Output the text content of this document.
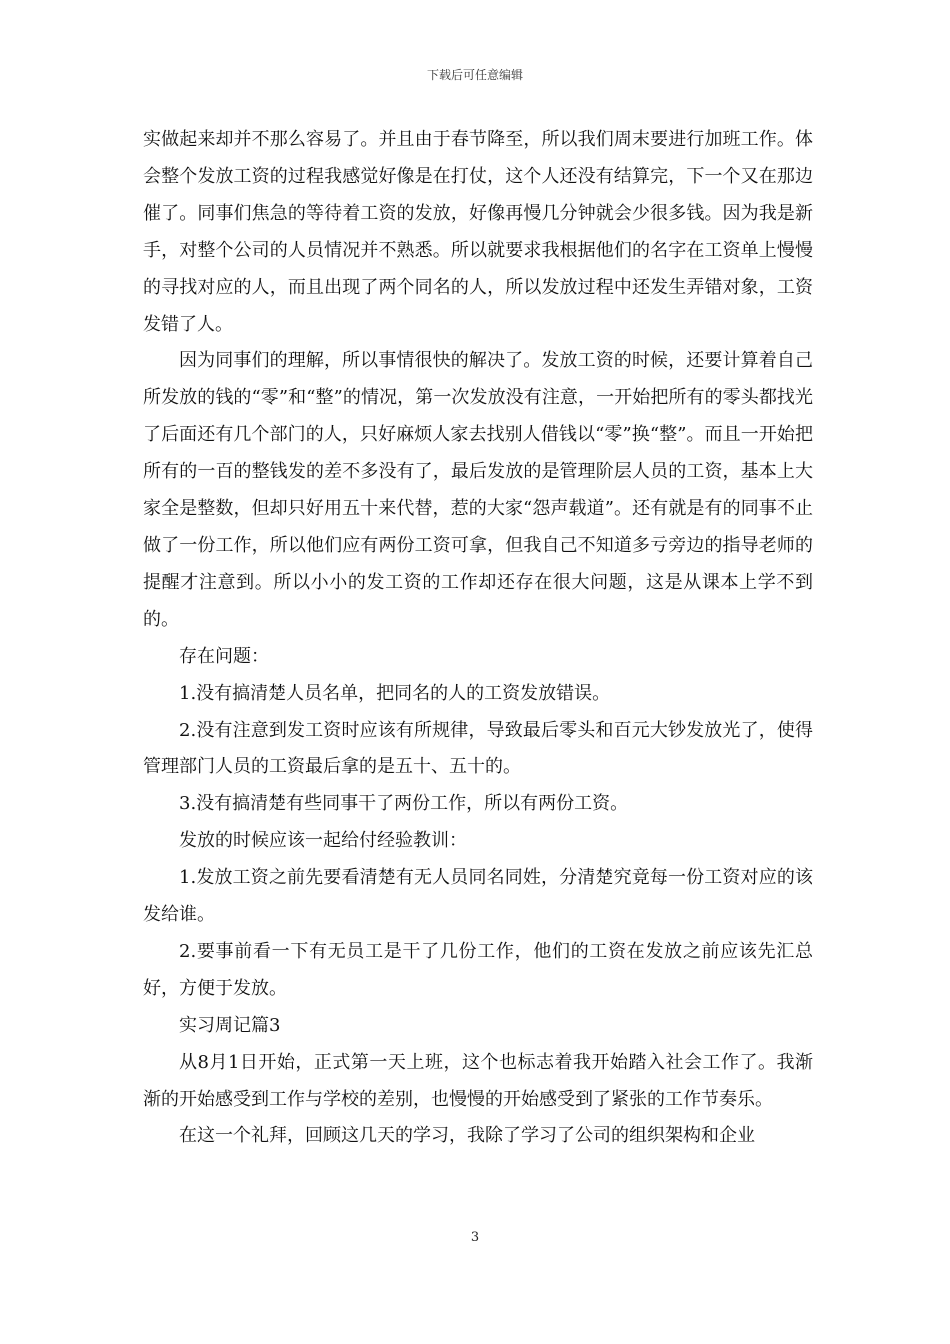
下载后可任意编辑

实做起来却并不那么容易了。并且由于春节降至，所以我们周末要进行加班工作。体会整个发放工资的过程我感觉好像是在打仗，这个人还没有结算完，下一个又在那边催了。同事们焦急的等待着工资的发放，好像再慢几分钟就会少很多钱。因为我是新手，对整个公司的人员情况并不熟悉。所以就要求我根据他们的名字在工资单上慢慢的寻找对应的人，而且出现了两个同名的人，所以发放过程中还发生弄错对象，工资发错了人。

因为同事们的理解，所以事情很快的解决了。发放工资的时候，还要计算着自己所发放的钱的“零”和“整”的情况，第一次发放没有注意，一开始把所有的零头都找光了后面还有几个部门的人，只好麻烦人家去找别人借钱以“零”换“整”。而且一开始把所有的一百的整钱发的差不多没有了，最后发放的是管理阶层人员的工资，基本上大家全是整数，但却只好用五十来代替，惹的大家“怨声载道”。还有就是有的同事不止做了一份工作，所以他们应有两份工资可拿，但我自己不知道多亏旁边的指导老师的提醒才注意到。所以小小的发工资的工作却还存在很大问题，这是从课本上学不到的。

存在问题：

1.没有搞清楚人员名单，把同名的人的工资发放错误。

2.没有注意到发工资时应该有所规律，导致最后零头和百元大钞发放光了，使得管理部门人员的工资最后拿的是五十、五十的。

3.没有搞清楚有些同事干了两份工作，所以有两份工资。

发放的时候应该一起给付经验教训：

1.发放工资之前先要看清楚有无人员同名同姓，分清楚究竟每一份工资对应的该发给谁。

2.要事前看一下有无员工是干了几份工作，他们的工资在发放之前应该先汇总好，方便于发放。

实习周记篇3

从8月1日开始，正式第一天上班，这个也标志着我开始踏入社会工作了。我渐渐的开始感受到工作与学校的差别，也慢慢的开始感受到了紧张的工作节奏乐。

在这一个礼拜，回顾这几天的学习，我除了学习了公司的组织架构和企业

3
